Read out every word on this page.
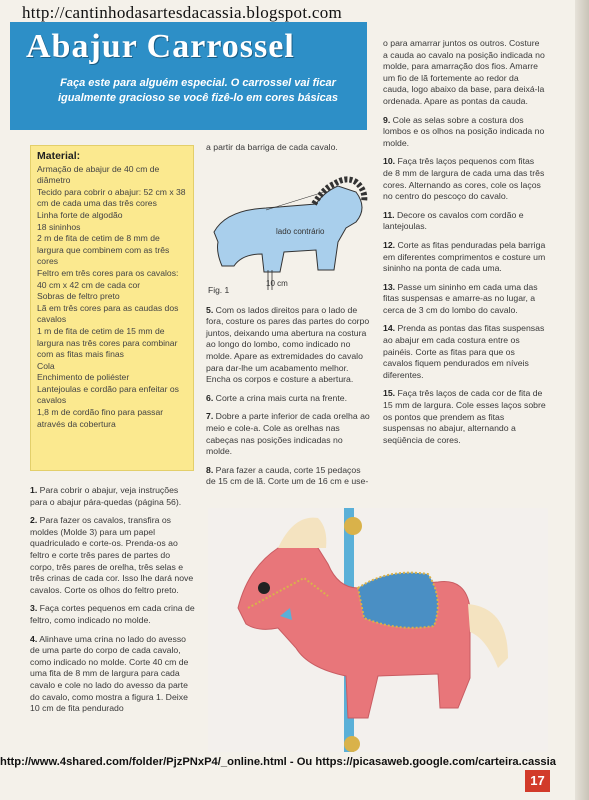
http://cantinhodasartesdacassia.blogspot.com
Abajur Carrossel
Faça este para alguém especial. O carrossel vai ficar igualmente gracioso se você fizê-lo em cores básicas
Material:

Armação de abajur de 40 cm de diâmetro

Tecido para cobrir o abajur: 52 cm x 38 cm de cada uma das três cores

Linha forte de algodão

18 sininhos

2 m de fita de cetim de 8 mm de largura que combinem com as três cores

Feltro em três cores para os cavalos: 40 cm x 42 cm de cada cor

Sobras de feltro preto

Lã em três cores para as caudas dos cavalos

1 m de fita de cetim de 15 mm de largura nas três cores para combinar com as fitas mais finas

Cola

Enchimento de poliéster

Lantejoulas e cordão para enfeitar os cavalos

1,8 m de cordão fino para passar através da cobertura

1. Para cobrir o abajur, veja instruções para o abajur pára-quedas (página 56).

2. Para fazer os cavalos, transfira os moldes (Molde 3) para um papel quadriculado e corte-os. Prenda-os ao feltro e corte três pares de partes do corpo, três pares de orelha, três selas e três crinas de cada cor. Isso lhe dará nove cavalos. Corte os olhos do feltro preto.

3. Faça cortes pequenos em cada crina de feltro, como indicado no molde.

4. Alinhave uma crina no lado do avesso de uma parte do corpo de cada cavalo, como indicado no molde. Corte 40 cm de uma fita de 8 mm de largura para cada cavalo e cole no lado do avesso da parte do cavalo, como mostra a figura 1. Deixe 10 cm de fita pendurado

a partir da barriga de cada cavalo.

5. Com os lados direitos para o lado de fora, costure os pares das partes do corpo juntos, deixando uma abertura na costura ao longo do lombo, como indicado no molde. Apare as extremidades do cavalo para dar-lhe um acabamento melhor. Encha os corpos e costure a abertura.

6. Corte a crina mais curta na frente.

7. Dobre a parte inferior de cada orelha ao meio e cole-a. Cole as orelhas nas cabeças nas posições indicadas no molde.

8. Para fazer a cauda, corte 15 pedaços de 15 cm de lã. Corte um de 16 cm e use-

lado contrário
10 cm
Fig. 1

o para amarrar juntos os outros. Costure a cauda ao cavalo na posição indicada no molde, para amarração dos fios. Amarre um fio de lã fortemente ao redor da cauda, logo abaixo da base, para deixá-la ordenada. Apare as pontas da cauda.

9. Cole as selas sobre a costura dos lombos e os olhos na posição indicada no molde.

10. Faça três laços pequenos com fitas de 8 mm de largura de cada uma das três cores. Alternando as cores, cole os laços no centro do pescoço do cavalo.

11. Decore os cavalos com cordão e lantejoulas.

12. Corte as fitas penduradas pela barriga em diferentes comprimentos e costure um sininho na ponta de cada uma.

13. Passe um sininho em cada uma das fitas suspensas e amarre-as no lugar, a cerca de 3 cm do lombo do cavalo.

14. Prenda as pontas das fitas suspensas ao abajur em cada costura entre os painéis. Corte as fitas para que os cavalos fiquem pendurados em níveis diferentes.

15. Faça três laços de cada cor de fita de 15 mm de largura. Cole esses laços sobre os pontos que prendem as fitas suspensas no abajur, alternando a seqüência de cores.

http://www.4shared.com/folder/PjzPNxP4/_online.html - Ou https://picasaweb.google.com/carteira.cassia
17
